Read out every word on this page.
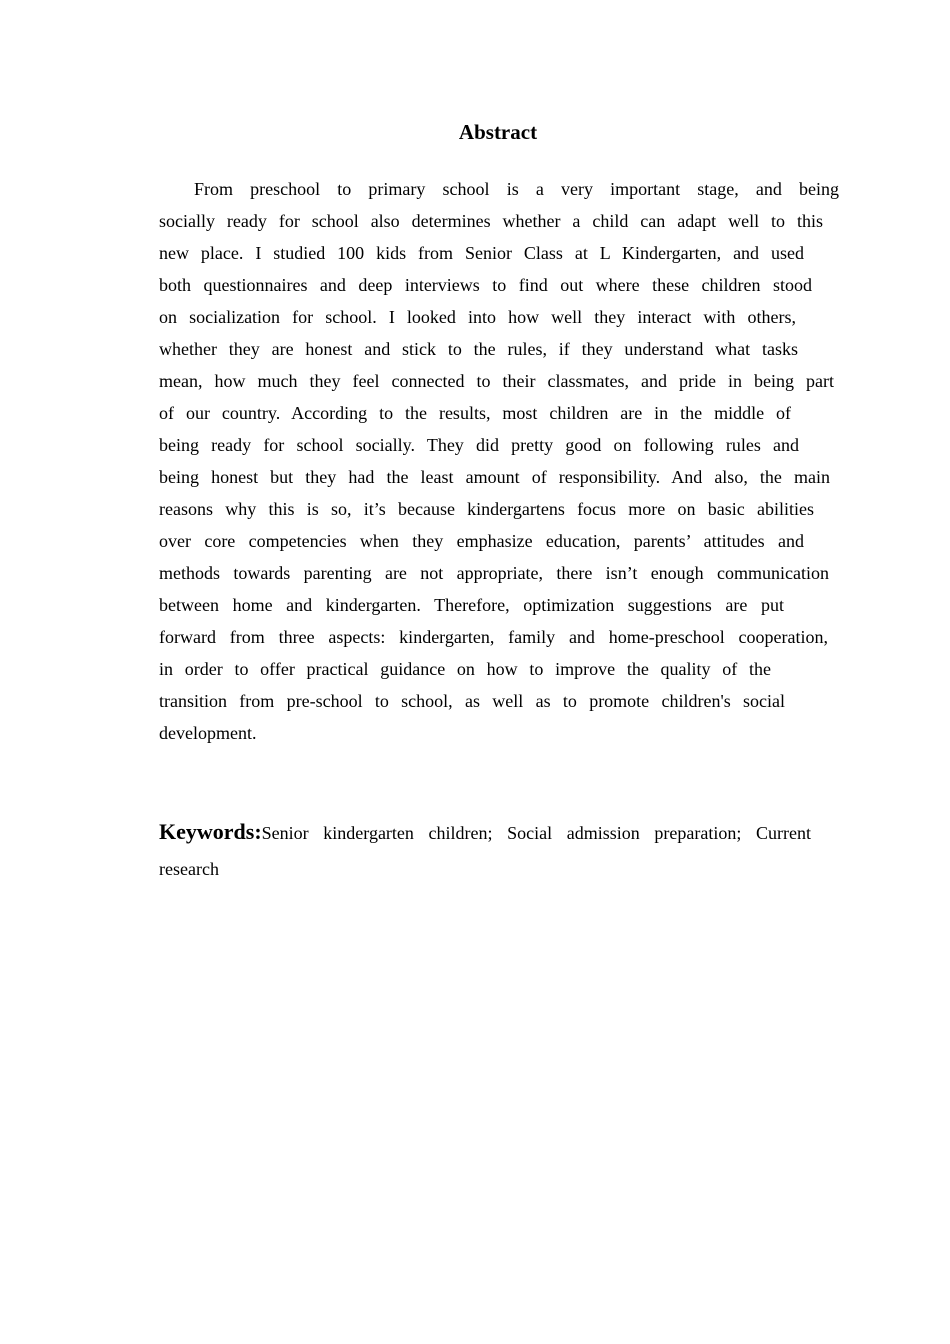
Abstract
From preschool to primary school is a very important stage, and being
socially ready for school also determines whether a child can adapt well to this
new place. I studied 100 kids from Senior Class at L Kindergarten, and used
both questionnaires and deep interviews to find out where these children stood
on socialization for school. I looked into how well they interact with others,
whether they are honest and stick to the rules, if they understand what tasks
mean, how much they feel connected to their classmates, and pride in being part
of our country. According to the results, most children are in the middle of
being ready for school socially. They did pretty good on following rules and
being honest but they had the least amount of responsibility. And also, the main
reasons why this is so, it’s because kindergartens focus more on basic abilities
over core competencies when they emphasize education, parents’ attitudes and
methods towards parenting are not appropriate, there isn’t enough communication
between home and kindergarten. Therefore, optimization suggestions are put
forward from three aspects: kindergarten, family and home-preschool cooperation,
in order to offer practical guidance on how to improve the quality of the
transition from pre-school to school, as well as to promote children's social
development.
Keywords:Senior kindergarten children; Social admission preparation; Current
research
